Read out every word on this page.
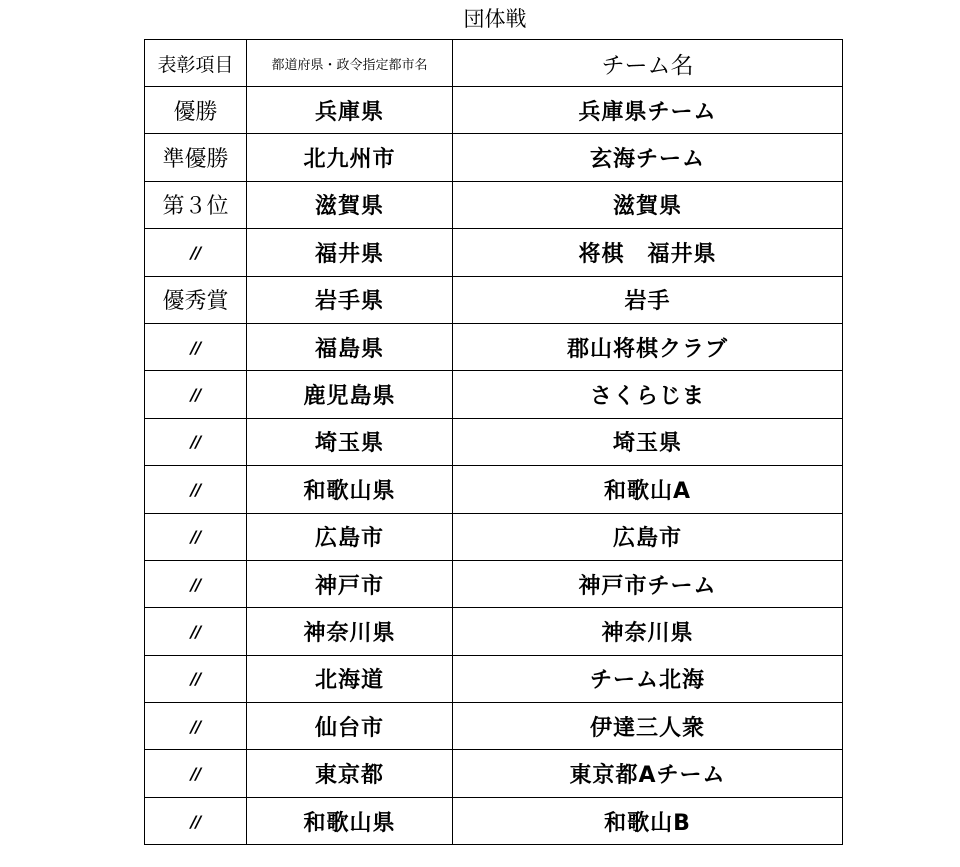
団体戦
表彰項目	都道府県・政令指定都市名	チーム名
優勝	兵庫県	兵庫県チーム
準優勝	北九州市	玄海チーム
第３位	滋賀県	滋賀県
//	福井県	将棋　福井県
優秀賞	岩手県	岩手
//	福島県	郡山将棋クラブ
//	鹿児島県	さくらじま
//	埼玉県	埼玉県
//	和歌山県	和歌山A
//	広島市	広島市
//	神戸市	神戸市チーム
//	神奈川県	神奈川県
//	北海道	チーム北海
//	仙台市	伊達三人衆
//	東京都	東京都Aチーム
//	和歌山県	和歌山B
